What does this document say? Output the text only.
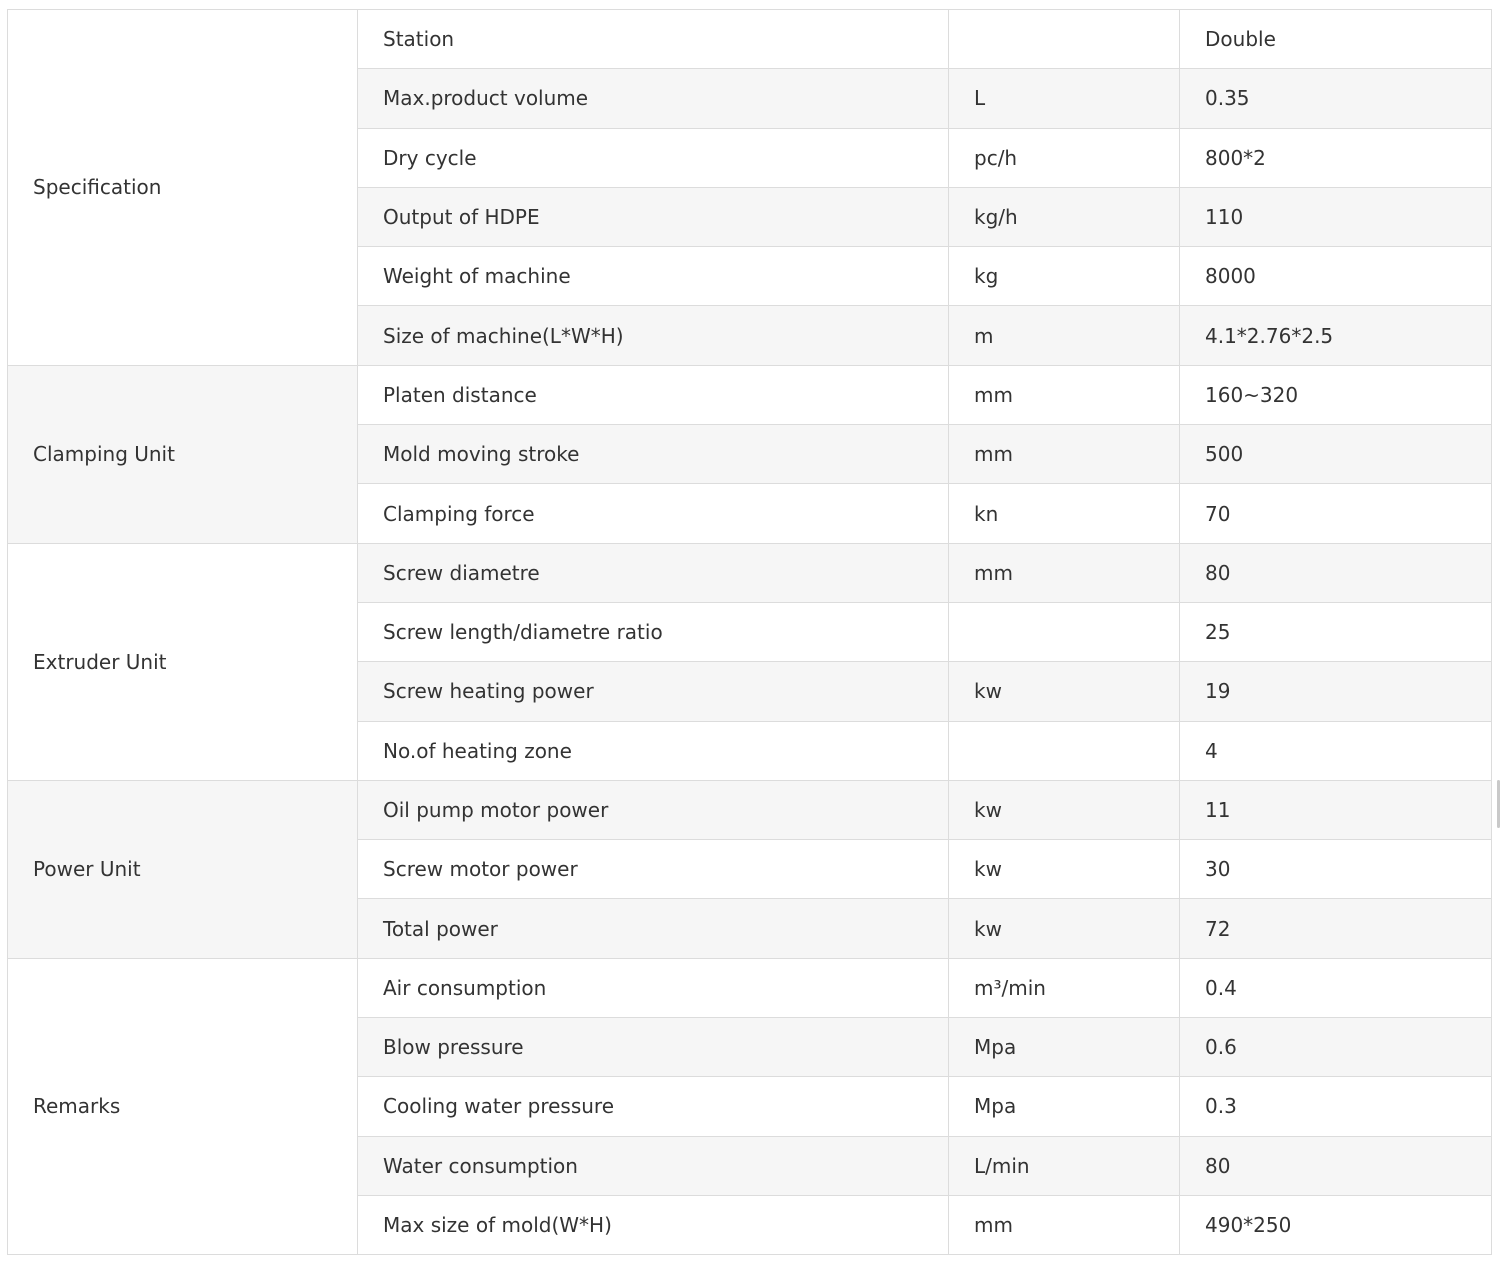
Specification	Station		Double
	Max.product volume	L	0.35
	Dry cycle	pc/h	800*2
	Output of HDPE	kg/h	110
	Weight of machine	kg	8000
	Size of machine(L*W*H)	m	4.1*2.76*2.5
Clamping Unit	Platen distance	mm	160~320
	Mold moving stroke	mm	500
	Clamping force	kn	70
Extruder Unit	Screw diametre	mm	80
	Screw length/diametre ratio		25
	Screw heating power	kw	19
	No.of heating zone		4
Power Unit	Oil pump motor power	kw	11
	Screw motor power	kw	30
	Total power	kw	72
Remarks	Air consumption	m³/min	0.4
	Blow pressure	Mpa	0.6
	Cooling water pressure	Mpa	0.3
	Water consumption	L/min	80
	Max size of mold(W*H)	mm	490*250
